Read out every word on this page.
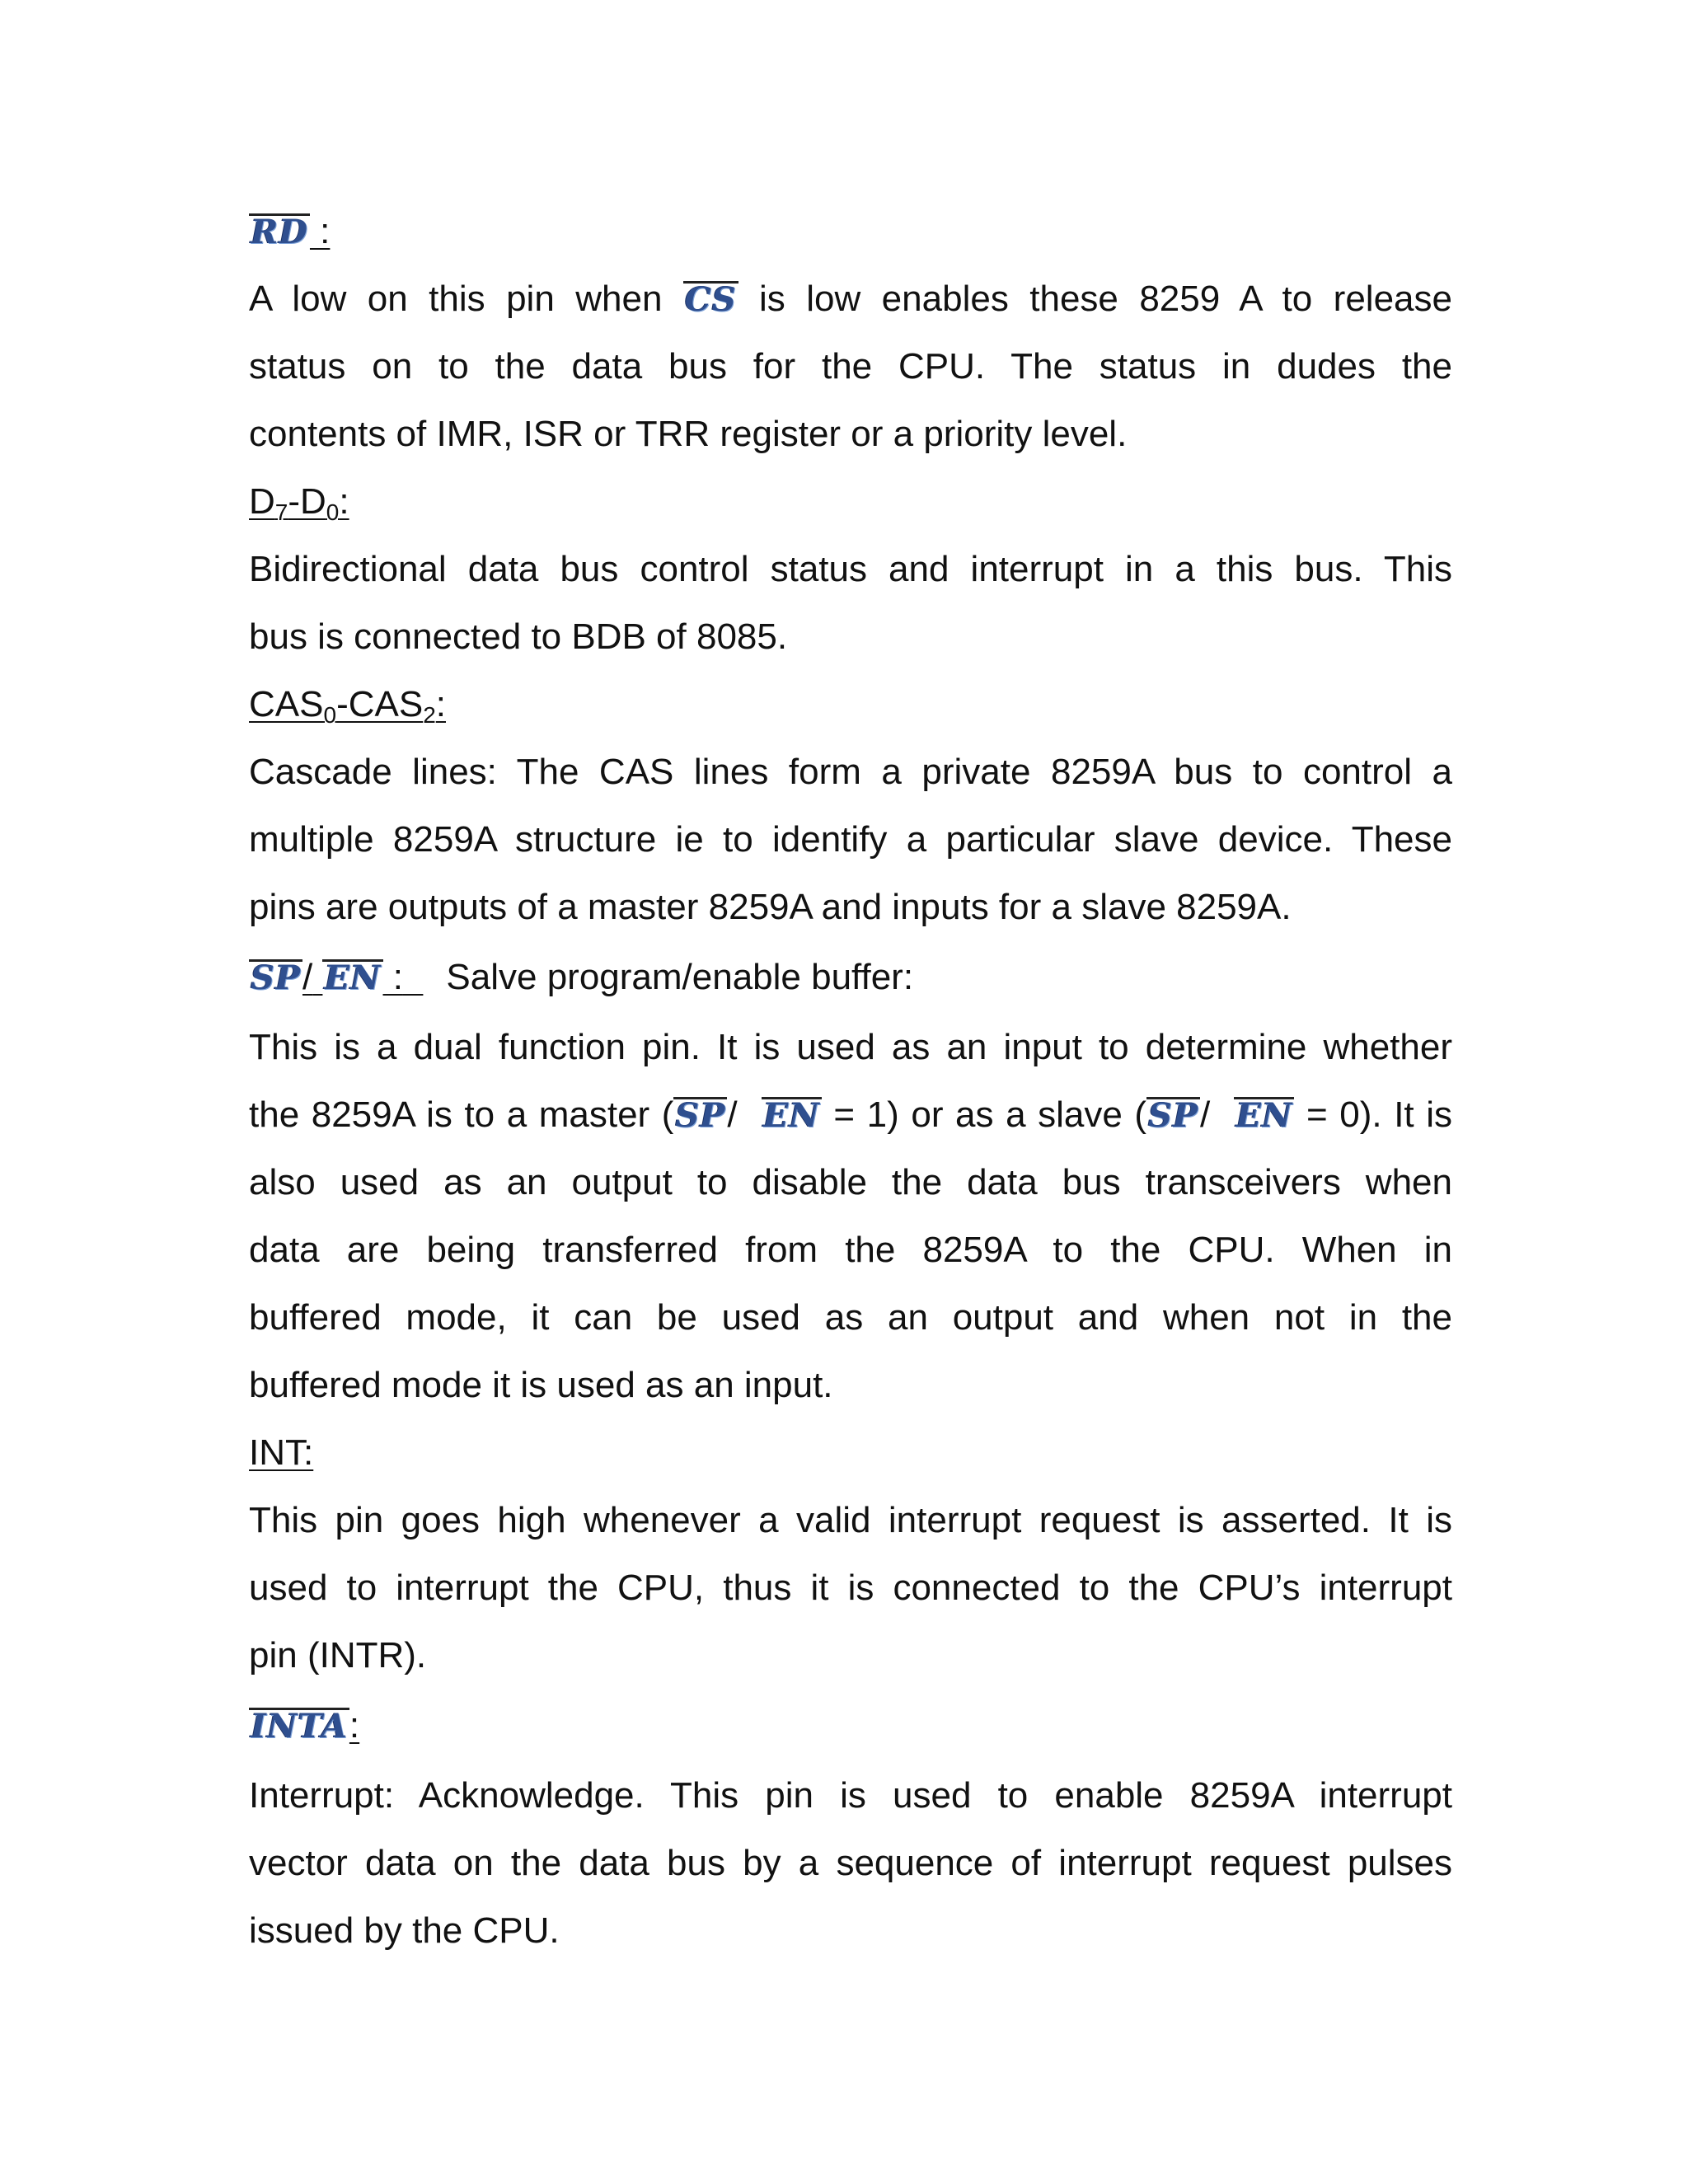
RD :
A low on this pin when CS is low enables these 8259 A to release
status on to the data bus for the CPU. The status in dudes the
contents of IMR, ISR or TRR register or a priority level.
$D_7-D_0$:
Bidirectional data bus control status and interrupt in a this bus. This
bus is connected to BDB of 8085.
$CAS_0-CAS_2$:
Cascade lines: The CAS lines form a private 8259A bus to control a
multiple 8259A structure ie to identify a particular slave device. These
pins are outputs of a master 8259A and inputs for a slave 8259A.
SP/ EN : Salve program/enable buffer:
This is a dual function pin. It is used as an input to determine whether
the 8259A is to a master (SP/ EN = 1) or as a slave (SP/ EN = 0). It is
also used as an output to disable the data bus transceivers when
data are being transferred from the 8259A to the CPU. When in
buffered mode, it can be used as an output and when not in the
buffered mode it is used as an input.
INT:
This pin goes high whenever a valid interrupt request is asserted. It is
used to interrupt the CPU, thus it is connected to the CPU’s interrupt
pin (INTR).
INTA:
Interrupt: Acknowledge. This pin is used to enable 8259A interrupt
vector data on the data bus by a sequence of interrupt request pulses
issued by the CPU.
